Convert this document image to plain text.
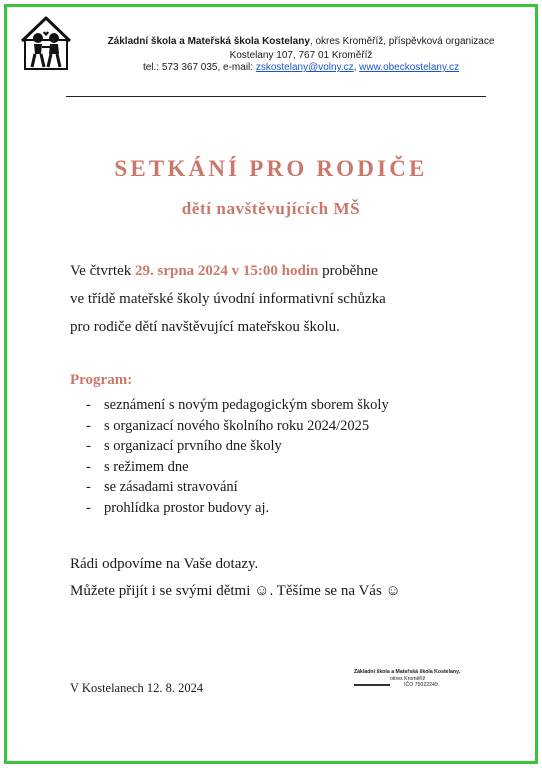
Základní škola a Mateřská škola Kostelany, okres Kroměříž, příspěvková organizace
Kostelany 107, 767 01 Kroměříž
tel.: 573 367 035, e-mail: zskostelany@volny.cz, www.obeckostelany.cz
SETKÁNÍ PRO RODIČE
dětí navštěvujících MŠ
Ve čtvrtek 29. srpna 2024 v 15:00 hodin proběhne
ve třídě mateřské školy úvodní informativní schůzka
pro rodiče dětí navštěvující mateřskou školu.
Program:
- seznámení s novým pedagogickým sborem školy
- s organizací nového školního roku 2024/2025
- s organizací prvního dne školy
- s režimem dne
- se zásadami stravování
- prohlídka prostor budovy aj.
Rádi odpovíme na Vaše dotazy.
Můžete přijít i se svými dětmi ☺. Těšíme se na Vás ☺
V Kostelanech 12. 8. 2024
Základní škola a Mateřská škola Kostelany,
okres Kroměříž
IČO 75022249
